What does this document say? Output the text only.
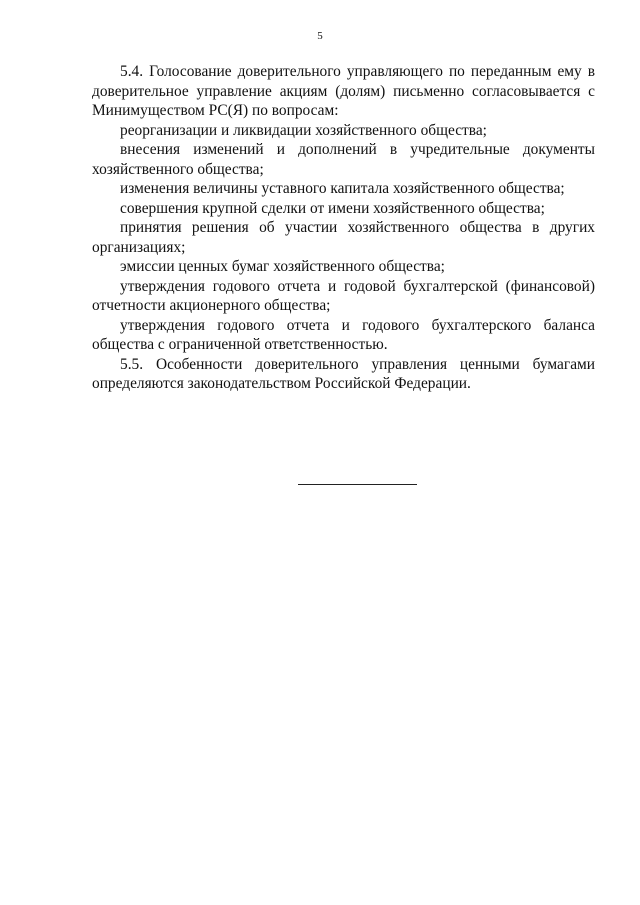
5

5.4. Голосование доверительного управляющего по переданным ему в доверительное управление акциям (долям) письменно согласовывается с Минимуществом РС(Я) по вопросам:

реорганизации и ликвидации хозяйственного общества;

внесения изменений и дополнений в учредительные документы хозяйственного общества;

изменения величины уставного капитала хозяйственного общества;

совершения крупной сделки от имени хозяйственного общества;

принятия решения об участии хозяйственного общества в других организациях;

эмиссии ценных бумаг хозяйственного общества;

утверждения годового отчета и годовой бухгалтерской (финансовой) отчетности акционерного общества;

утверждения годового отчета и годового бухгалтерского баланса общества с ограниченной ответственностью.

5.5. Особенности доверительного управления ценными бумагами определяются законодательством Российской Федерации.
